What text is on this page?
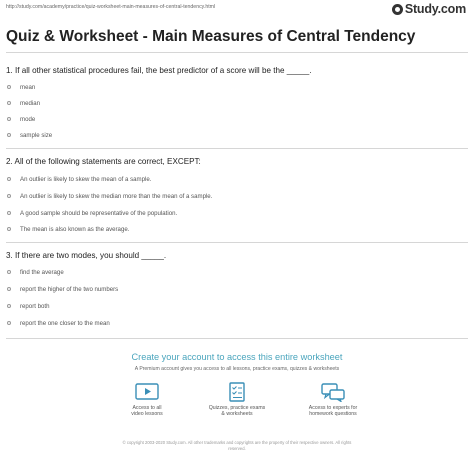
http://study.com/academy/practice/quiz-worksheet-main-measures-of-central-tendency.html	Study.com
Quiz & Worksheet - Main Measures of Central Tendency
1. If all other statistical procedures fail, the best predictor of a score will be the _____.
mean
median
mode
sample size
2. All of the following statements are correct, EXCEPT:
An outlier is likely to skew the mean of a sample.
An outlier is likely to skew the median more than the mean of a sample.
A good sample should be representative of the population.
The mean is also known as the average.
3. If there are two modes, you should _____.
find the average
report the higher of the two numbers
report both
report the one closer to the mean
Create your account to access this entire worksheet
A Premium account gives you access to all lessons, practice exams, quizzes & worksheets
Access to all
video lessons
Quizzes, practice exams
& worksheets
Access to experts for
homework questions
© copyright 2003-2020 Study.com. All other trademarks and copyrights are the property of their respective owners. All rights
reserved.
